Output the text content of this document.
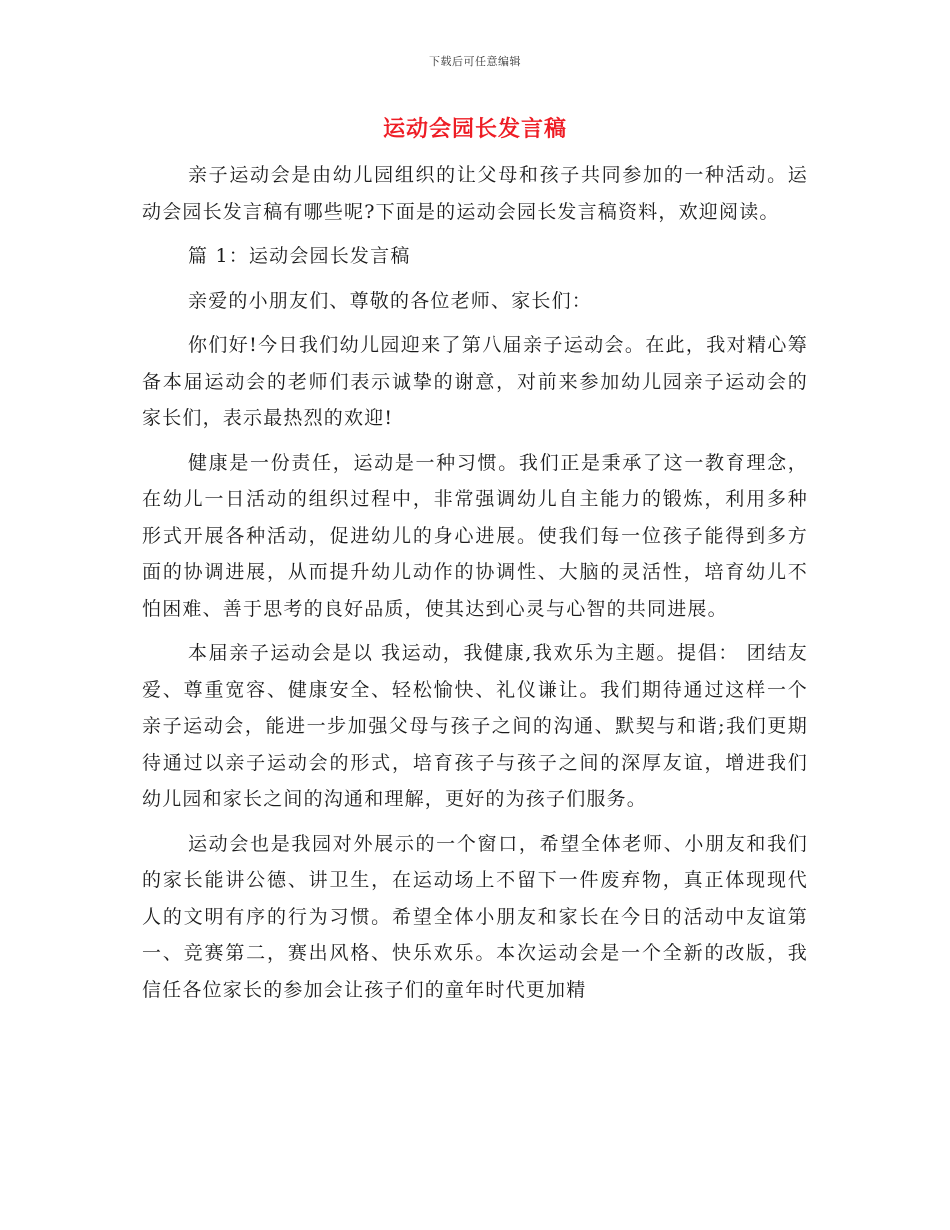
下载后可任意编辑
运动会园长发言稿

亲子运动会是由幼儿园组织的让父母和孩子共同参加的一种活动。运动会园长发言稿有哪些呢?下面是的运动会园长发言稿资料，欢迎阅读。

篇 1：运动会园长发言稿

亲爱的小朋友们、尊敬的各位老师、家长们：

你们好!今日我们幼儿园迎来了第八届亲子运动会。在此，我对精心筹备本届运动会的老师们表示诚挚的谢意，对前来参加幼儿园亲子运动会的家长们，表示最热烈的欢迎!

健康是一份责任，运动是一种习惯。我们正是秉承了这一教育理念，在幼儿一日活动的组织过程中，非常强调幼儿自主能力的锻炼，利用多种形式开展各种活动，促进幼儿的身心进展。使我们每一位孩子能得到多方面的协调进展，从而提升幼儿动作的协调性、大脑的灵活性，培育幼儿不怕困难、善于思考的良好品质，使其达到心灵与心智的共同进展。

本届亲子运动会是以 我运动，我健康,我欢乐为主题。提倡： 团结友爱、尊重宽容、健康安全、轻松愉快、礼仪谦让。我们期待通过这样一个亲子运动会，能进一步加强父母与孩子之间的沟通、默契与和谐;我们更期待通过以亲子运动会的形式，培育孩子与孩子之间的深厚友谊，增进我们幼儿园和家长之间的沟通和理解，更好的为孩子们服务。

运动会也是我园对外展示的一个窗口，希望全体老师、小朋友和我们的家长能讲公德、讲卫生，在运动场上不留下一件废弃物，真正体现现代人的文明有序的行为习惯。希望全体小朋友和家长在今日的活动中友谊第一、竞赛第二，赛出风格、快乐欢乐。本次运动会是一个全新的改版，我信任各位家长的参加会让孩子们的童年时代更加精
